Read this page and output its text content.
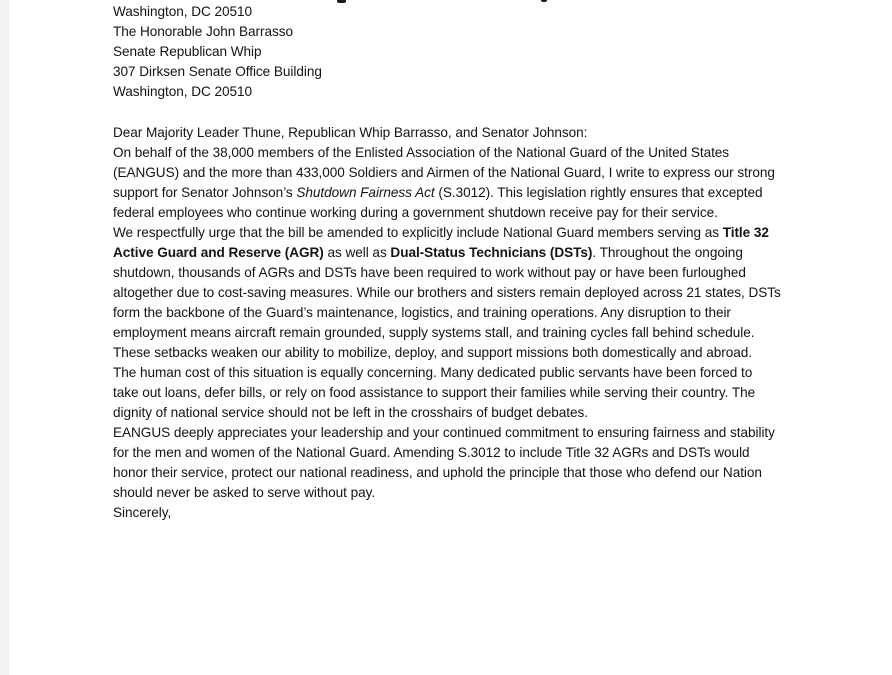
Washington, DC 20510

The Honorable John Barrasso

Senate Republican Whip

307 Dirksen Senate Office Building

Washington, DC 20510

Dear Majority Leader Thune, Republican Whip Barrasso, and Senator Johnson:

On behalf of the 38,000 members of the Enlisted Association of the National Guard of the United States (EANGUS) and the more than 433,000 Soldiers and Airmen of the National Guard, I write to express our strong support for Senator Johnson’s Shutdown Fairness Act (S.3012). This legislation rightly ensures that excepted federal employees who continue working during a government shutdown receive pay for their service.

We respectfully urge that the bill be amended to explicitly include National Guard members serving as Title 32 Active Guard and Reserve (AGR) as well as Dual-Status Technicians (DSTs). Throughout the ongoing shutdown, thousands of AGRs and DSTs have been required to work without pay or have been furloughed altogether due to cost-saving measures. While our brothers and sisters remain deployed across 21 states, DSTs form the backbone of the Guard’s maintenance, logistics, and training operations. Any disruption to their employment means aircraft remain grounded, supply systems stall, and training cycles fall behind schedule. These setbacks weaken our ability to mobilize, deploy, and support missions both domestically and abroad.

The human cost of this situation is equally concerning. Many dedicated public servants have been forced to take out loans, defer bills, or rely on food assistance to support their families while serving their country. The dignity of national service should not be left in the crosshairs of budget debates.

EANGUS deeply appreciates your leadership and your continued commitment to ensuring fairness and stability for the men and women of the National Guard. Amending S.3012 to include Title 32 AGRs and DSTs would honor their service, protect our national readiness, and uphold the principle that those who defend our Nation should never be asked to serve without pay.

Sincerely,
